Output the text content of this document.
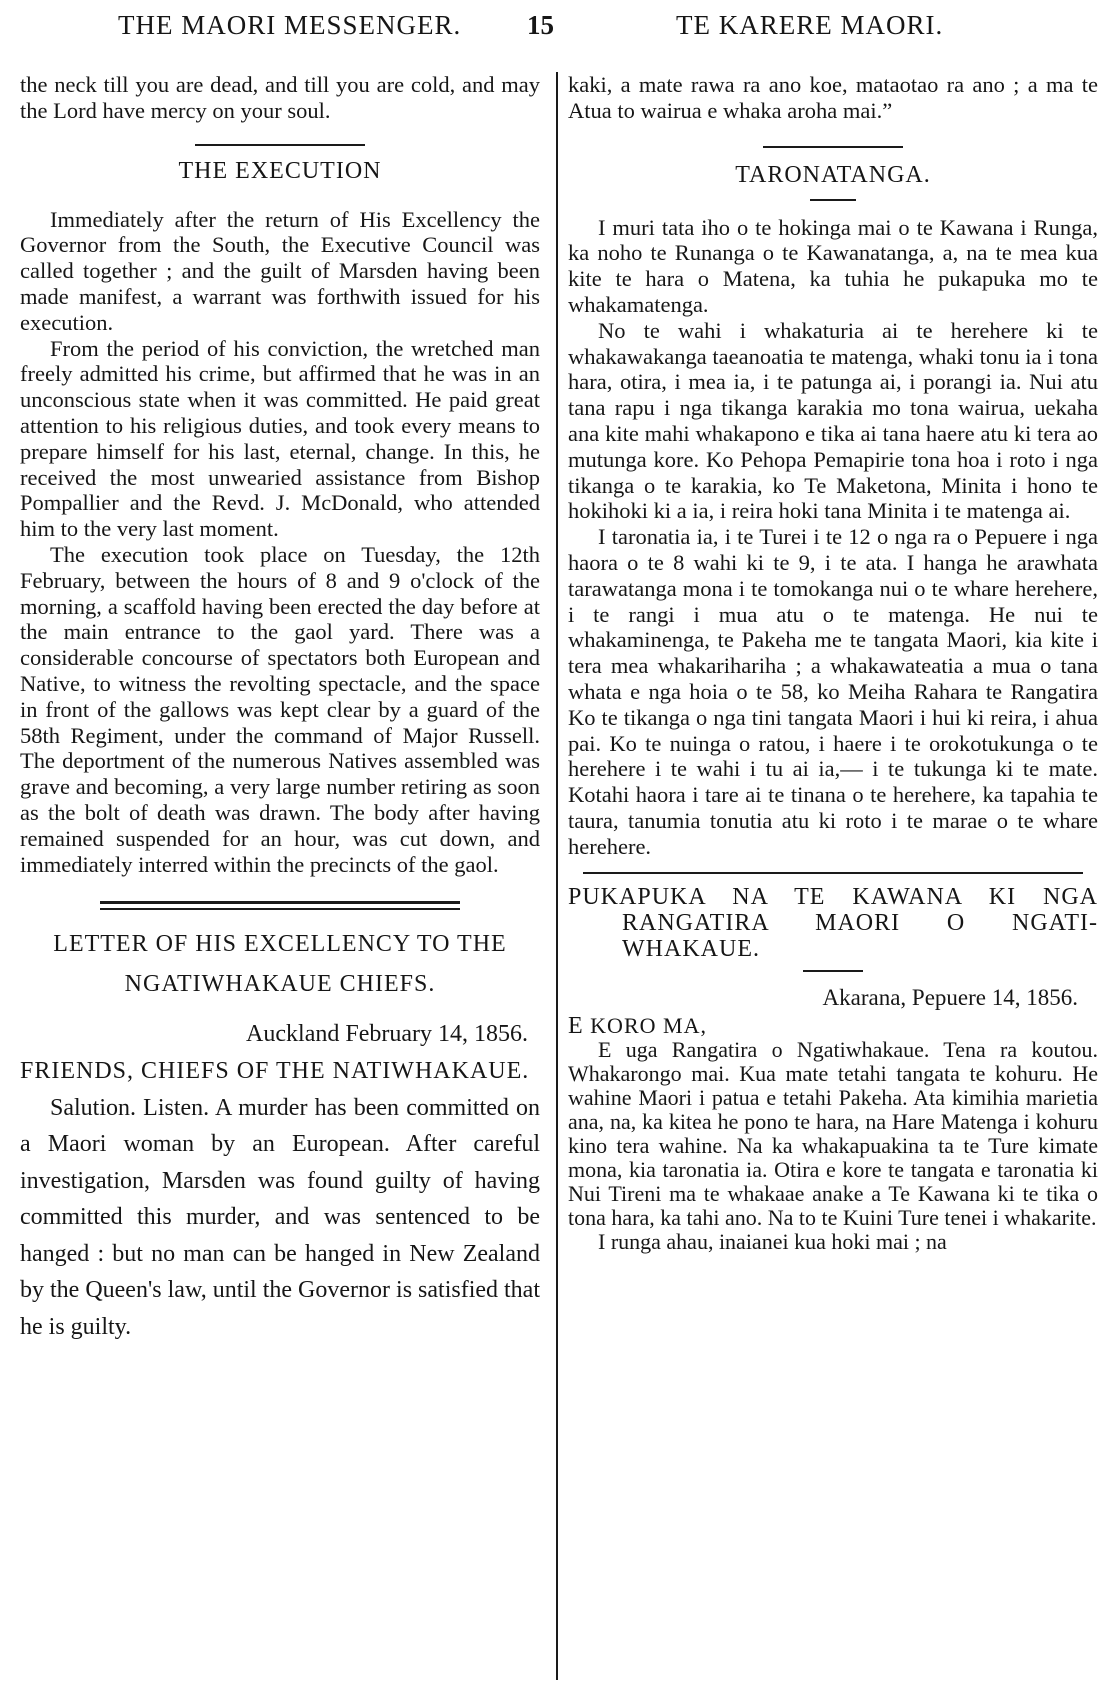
THE MAORI MESSENGER. 15	TE KARERE MAORI.

the neck till you are dead, and till you are cold, and may the Lord have mercy on your soul.

THE EXECUTION

Immediately after the return of His Excellency the Governor from the South, the Executive Council was called together ; and the guilt of Marsden having been made manifest, a warrant was forthwith issued for his execution.

From the period of his conviction, the wretched man freely admitted his crime, but affirmed that he was in an unconscious state when it was committed. He paid great attention to his religious duties, and took every means to prepare himself for his last, eternal, change. In this, he received the most unwearied assistance from Bishop Pompallier and the Revd. J. McDonald, who attended him to the very last moment.

The execution took place on Tuesday, the 12th February, between the hours of 8 and 9 o'clock of the morning, a scaffold having been erected the day before at the main entrance to the gaol yard. There was a considerable concourse of spectators both European and Native, to witness the revolting spectacle, and the space in front of the gallows was kept clear by a guard of the 58th Regiment, under the command of Major Russell. The deportment of the numerous Natives assembled was grave and becoming, a very large number retiring as soon as the bolt of death was drawn. The body after having remained suspended for an hour, was cut down, and immediately interred within the precincts of the gaol.

LETTER OF HIS EXCELLENCY TO THE
NGATIWHAKAUE CHIEFS.

Auckland February 14, 1856.

FRIENDS, CHIEFS OF THE NATIWHAKAUE.

Salution. Listen. A murder has been committed on a Maori woman by an European. After careful investigation, Marsden was found guilty of having committed this murder, and was sentenced to be hanged : but no man can be hanged in New Zealand by the Queen's law, until the Governor is satisfied that he is guilty.

kaki, a mate rawa ra ano koe, mataotao ra ano ; a ma te Atua to wairua e whaka aroha mai.”

TARONATANGA.

I muri tata iho o te hokinga mai o te Kawana i Runga, ka noho te Runanga o te Kawanatanga, a, na te mea kua kite te hara o Matena, ka tuhia he pukapuka mo te whakamatenga.

No te wahi i whakaturia ai te herehere ki te whakawakanga taeanoatia te matenga, whaki tonu ia i tona hara, otira, i mea ia, i te patunga ai, i porangi ia. Nui atu tana rapu i nga tikanga karakia mo tona wairua, uekaha ana kite mahi whakapono e tika ai tana haere atu ki tera ao mutunga kore. Ko Pehopa Pemapirie tona hoa i roto i nga tikanga o te karakia, ko Te Maketona, Minita i hono te hokihoki ki a ia, i reira hoki tana Minita i te matenga ai.

I taronatia ia, i te Turei i te 12 o nga ra o Pepuere i nga haora o te 8 wahi ki te 9, i te ata. I hanga he arawhata tarawatanga mona i te tomokanga nui o te whare herehere, i te rangi i mua atu o te matenga. He nui te whakaminenga, te Pakeha me te tangata Maori, kia kite i tera mea whakarihariha ; a whakawateatia a mua o tana whata e nga hoia o te 58, ko Meiha Rahara te Rangatira Ko te tikanga o nga tini tangata Maori i hui ki reira, i ahua pai. Ko te nuinga o ratou, i haere i te orokotukunga o te herehere i te wahi i tu ai ia,— i te tukunga ki te mate. Kotahi haora i tare ai te tinana o te herehere, ka tapahia te taura, tanumia tonutia atu ki roto i te marae o te whare herehere.

PUKAPUKA NA TE KAWANA KI NGA
RANGATIRA MAORI O NGATI-
WHAKAUE.

Akarana, Pepuere 14, 1856.

E KORO MA,

E uga Rangatira o Ngatiwhakaue. Tena ra koutou. Whakarongo mai. Kua mate tetahi tangata te kohuru. He wahine Maori i patua e tetahi Pakeha. Ata kimihia marietia ana, na, ka kitea he pono te hara, na Hare Matenga i kohuru kino tera wahine. Na ka whakapuakina ta te Ture kimate mona, kia taronatia ia. Otira e kore te tangata e taronatia ki Nui Tireni ma te whakaae anake a Te Kawana ki te tika o tona hara, ka tahi ano. Na to te Kuini Ture tenei i whakarite.

I runga ahau, inaianei kua hoki mai ; na
